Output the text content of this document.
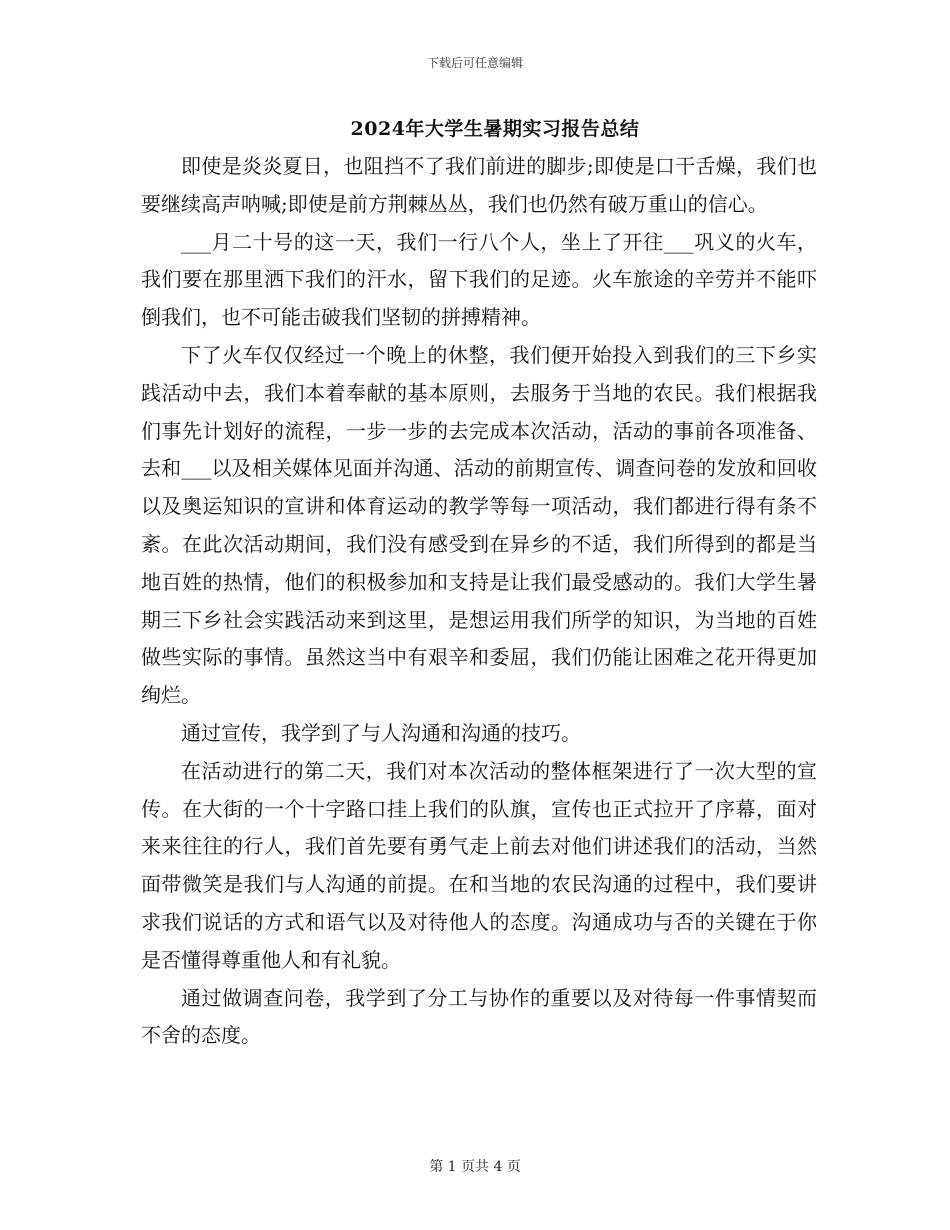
下载后可任意编辑
2024年大学生暑期实习报告总结

即使是炎炎夏日，也阻挡不了我们前进的脚步;即使是口干舌燥，我们也要继续高声呐喊;即使是前方荆棘丛丛，我们也仍然有破万重山的信心。

___月二十号的这一天，我们一行八个人，坐上了开往___巩义的火车，我们要在那里洒下我们的汗水，留下我们的足迹。火车旅途的辛劳并不能吓倒我们，也不可能击破我们坚韧的拼搏精神。

下了火车仅仅经过一个晚上的休整，我们便开始投入到我们的三下乡实践活动中去，我们本着奉献的基本原则，去服务于当地的农民。我们根据我们事先计划好的流程，一步一步的去完成本次活动，活动的事前各项准备、去和___以及相关媒体见面并沟通、活动的前期宣传、调查问卷的发放和回收以及奥运知识的宣讲和体育运动的教学等每一项活动，我们都进行得有条不紊。在此次活动期间，我们没有感受到在异乡的不适，我们所得到的都是当地百姓的热情，他们的积极参加和支持是让我们最受感动的。我们大学生暑期三下乡社会实践活动来到这里，是想运用我们所学的知识，为当地的百姓做些实际的事情。虽然这当中有艰辛和委屈，我们仍能让困难之花开得更加绚烂。

通过宣传，我学到了与人沟通和沟通的技巧。

在活动进行的第二天，我们对本次活动的整体框架进行了一次大型的宣传。在大街的一个十字路口挂上我们的队旗，宣传也正式拉开了序幕，面对来来往往的行人，我们首先要有勇气走上前去对他们讲述我们的活动，当然面带微笑是我们与人沟通的前提。在和当地的农民沟通的过程中，我们要讲求我们说话的方式和语气以及对待他人的态度。沟通成功与否的关键在于你是否懂得尊重他人和有礼貌。

通过做调查问卷，我学到了分工与协作的重要以及对待每一件事情契而不舍的态度。

第 1 页共 4 页
